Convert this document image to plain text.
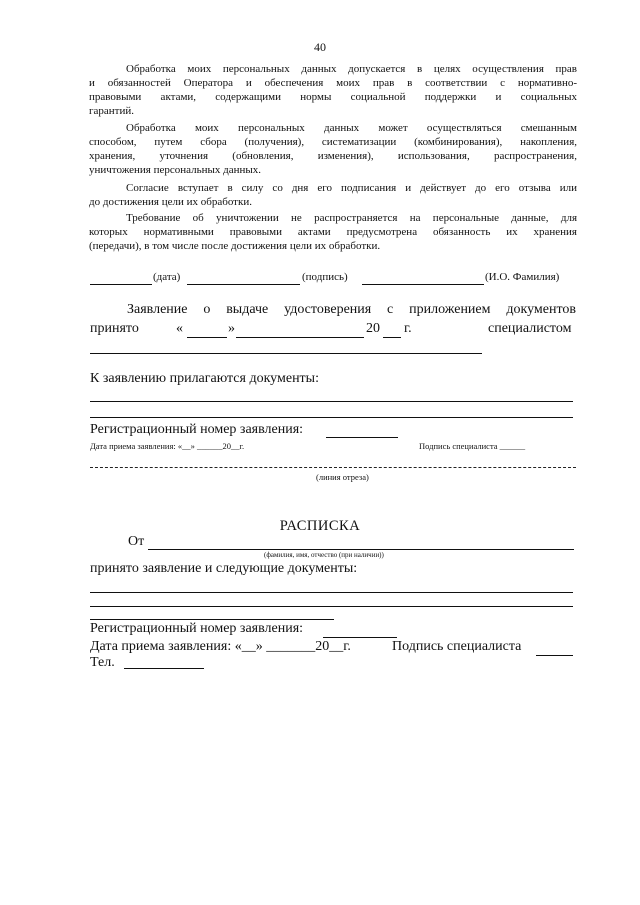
40
Обработка моих персональных данных допускается в целях осуществления прав
и обязанностей Оператора и обеспечения моих прав в соответствии с нормативно-
правовыми актами, содержащими нормы социальной поддержки и социальных
гарантий.
Обработка моих персональных данных может осуществляться смешанным
способом, путем сбора (получения), систематизации (комбинирования), накопления,
хранения, уточнения (обновления, изменения), использования, распространения,
уничтожения персональных данных.
Согласие вступает в силу со дня его подписания и действует до его отзыва или
до достижения цели их обработки.
Требование об уничтожении не распространяется на персональные данные, для
которых нормативными правовыми актами предусмотрена обязанность их хранения
(передачи), в том числе после достижения цели их обработки.
(дата)	(подпись)	(И.О. Фамилия)
Заявление о выдаче удостоверения с приложением документов
принято	«	»	20 г.	специалистом
К заявлению прилагаются документы:
Регистрационный номер заявления:
Дата приема заявления: «__» ______20__г.	Подпись специалиста ______
(линия отреза)
РАСПИСКА
От
(фамилия, имя, отчество (при наличии))
принято заявление и следующие документы:
Регистрационный номер заявления:
Дата приема заявления: «__» _______20__г.	Подпись специалиста
Тел.
